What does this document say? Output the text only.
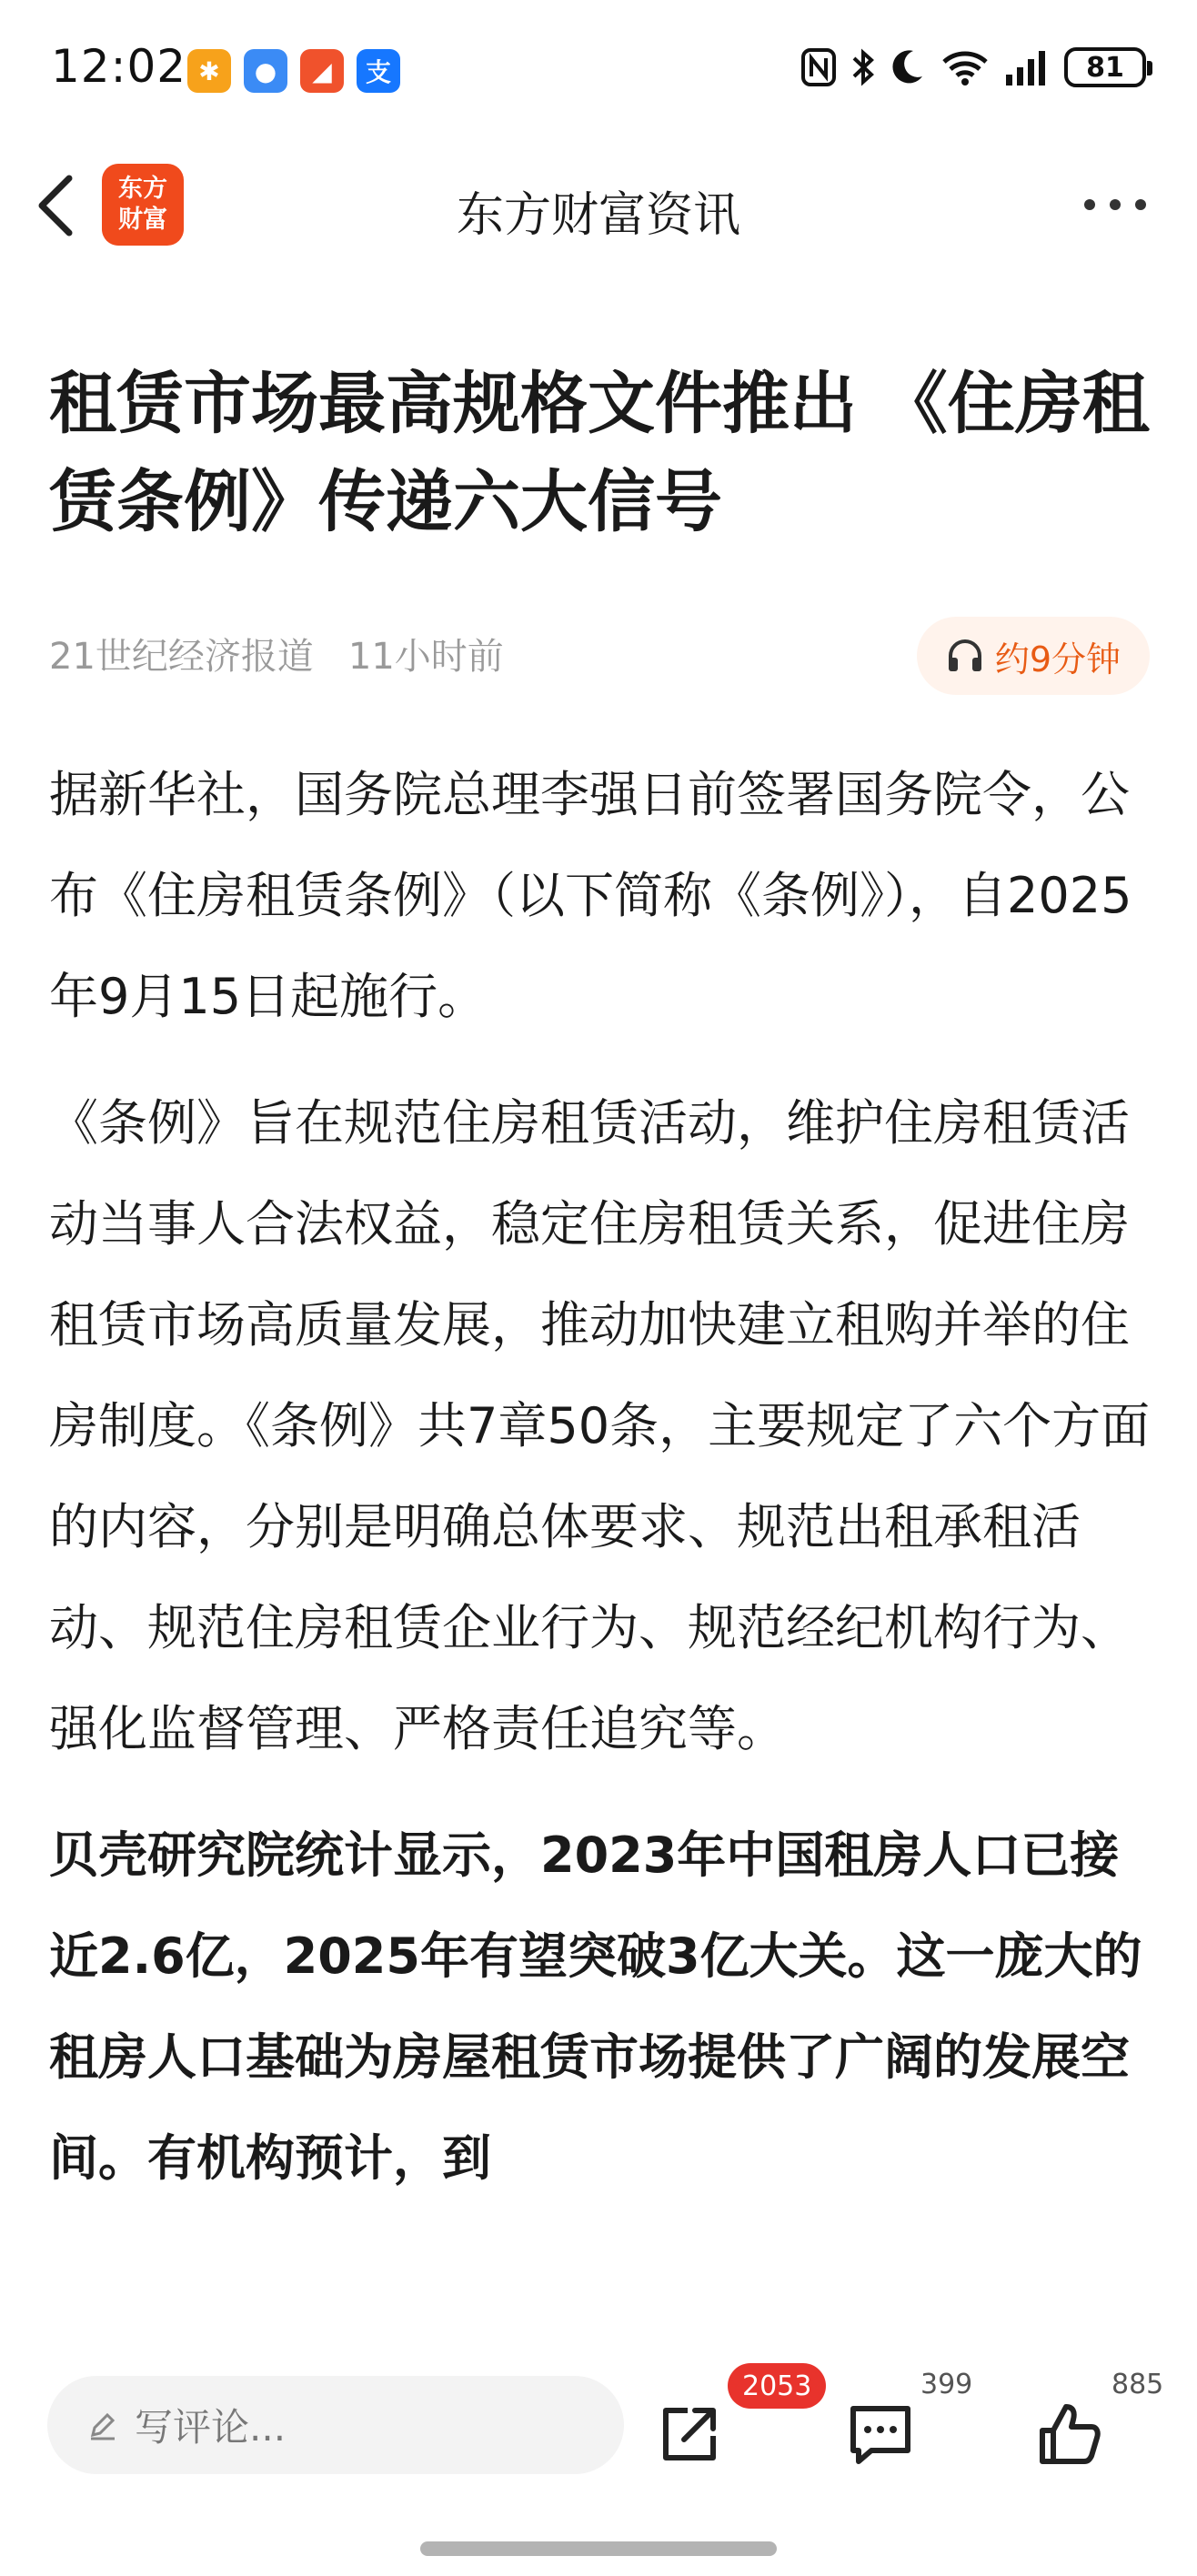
12:02 ✱	●	◢	支	81
东方
财富	东方财富资讯
租赁市场最高规格文件推出 《住房租赁条例》传递六大信号
21世纪经济报道 11小时前	约9分钟

据新华社，国务院总理李强日前签署国务院令，公布《住房租赁条例》（以下简称《条例》），自2025年9月15日起施行。

《条例》旨在规范住房租赁活动，维护住房租赁活动当事人合法权益，稳定住房租赁关系，促进住房租赁市场高质量发展，推动加快建立租购并举的住房制度。《条例》共7章50条，主要规定了六个方面的内容，分别是明确总体要求、规范出租承租活动、规范住房租赁企业行为、规范经纪机构行为、强化监督管理、严格责任追究等。

贝壳研究院统计显示，2023年中国租房人口已接近2.6亿，2025年有望突破3亿大关。这一庞大的租房人口基础为房屋租赁市场提供了广阔的发展空间。有机构预计，到

写评论...
2053	399	885
